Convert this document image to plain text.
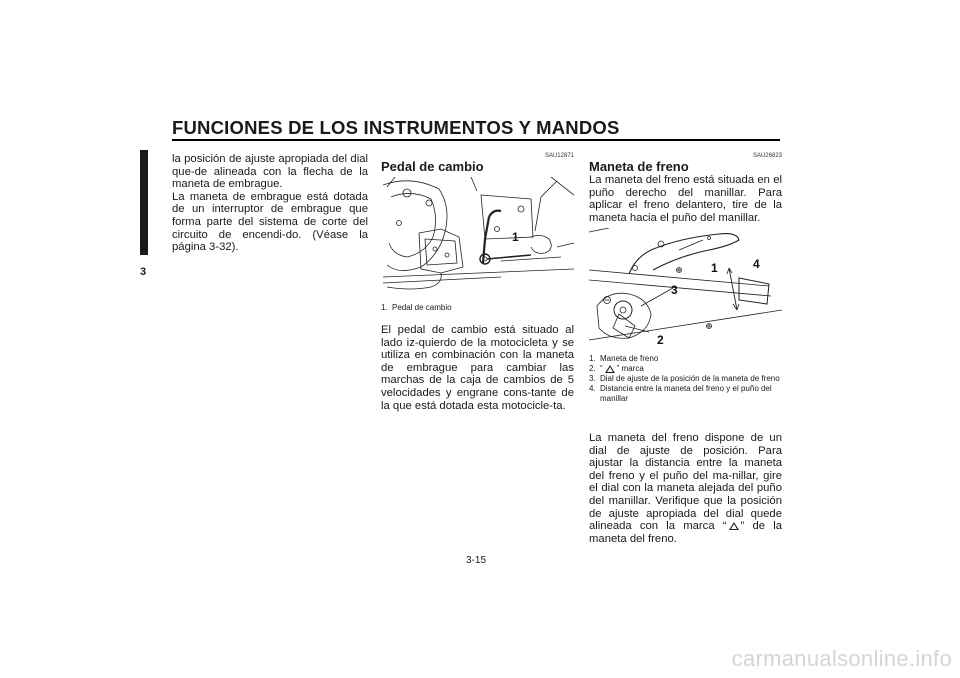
FUNCIONES DE LOS INSTRUMENTOS Y MANDOS
3
la posición de ajuste apropiada del dial que-de alineada con la flecha de la maneta de embrague.
La maneta de embrague está dotada de un interruptor de embrague que forma parte del sistema de corte del circuito de encendi-do. (Véase la página 3-32).
SAU12871
Pedal de cambio
1
1. Pedal de cambio
El pedal de cambio está situado al lado iz-quierdo de la motocicleta y se utiliza en combinación con la maneta de embrague para cambiar las marchas de la caja de cambios de 5 velocidades y engrane cons-tante de la que está dotada esta motocicle-ta.
SAU26823
Maneta de freno
La maneta del freno está situada en el puño derecho del manillar. Para aplicar el freno delantero, tire de la maneta hacia el puño del manillar.
1
2
3
4
1. Maneta de freno
2. “ ” marca
3. Dial de ajuste de la posición de la maneta de freno
4. Distancia entre la maneta del freno y el puño del manillar
La maneta del freno dispone de un dial de ajuste de posición. Para ajustar la distancia entre la maneta del freno y el puño del ma-nillar, gire el dial con la maneta alejada del puño del manillar. Verifique que la posición de ajuste apropiada del dial quede alineada con la marca “ ” de la maneta del freno.
3-15
carmanualsonline.info
